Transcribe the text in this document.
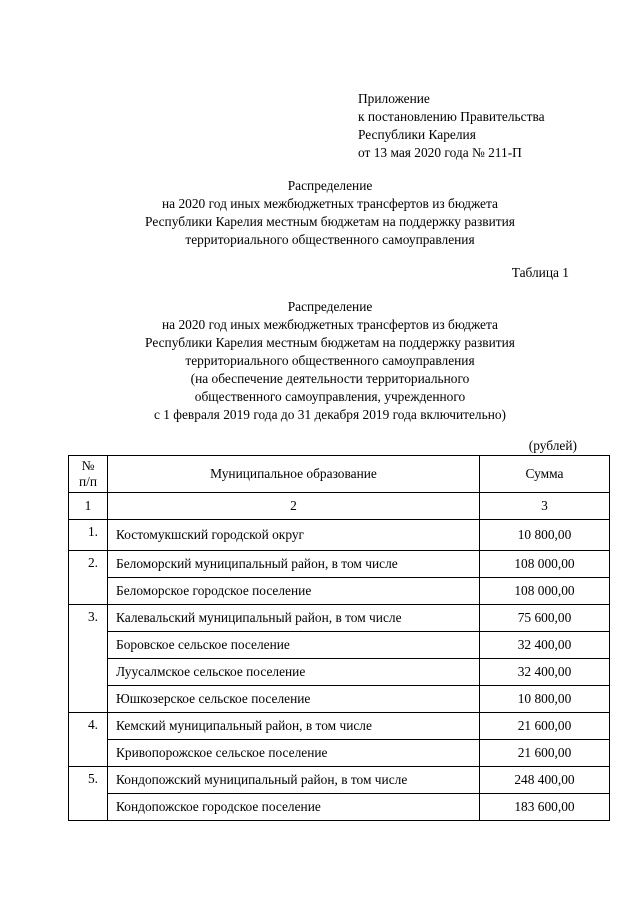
Приложение
к постановлению Правительства
Республики Карелия
от 13 мая 2020 года № 211-П
Распределение
на 2020 год иных межбюджетных трансфертов из бюджета
Республики Карелия местным бюджетам на поддержку развития
территориального общественного самоуправления
Таблица 1
Распределение
на 2020 год иных межбюджетных трансфертов из бюджета
Республики Карелия местным бюджетам на поддержку развития
территориального общественного самоуправления
(на обеспечение деятельности территориального
общественного самоуправления, учрежденного
с 1 февраля 2019 года до 31 декабря 2019 года включительно)
(рублей)
№
п/п	Муниципальное образование	Сумма
1	2	3
1.	Костомукшский городской округ	10 800,00
2.	Беломорский муниципальный район, в том числе	108 000,00
	Беломорское городское поселение	108 000,00
3.	Калевальский муниципальный район, в том числе	75 600,00
	Боровское сельское поселение	32 400,00
	Луусалмское сельское поселение	32 400,00
	Юшкозерское сельское поселение	10 800,00
4.	Кемский муниципальный район, в том числе	21 600,00
	Кривопорожское сельское поселение	21 600,00
5.	Кондопожский муниципальный район, в том числе	248 400,00
	Кондопожское городское поселение	183 600,00
